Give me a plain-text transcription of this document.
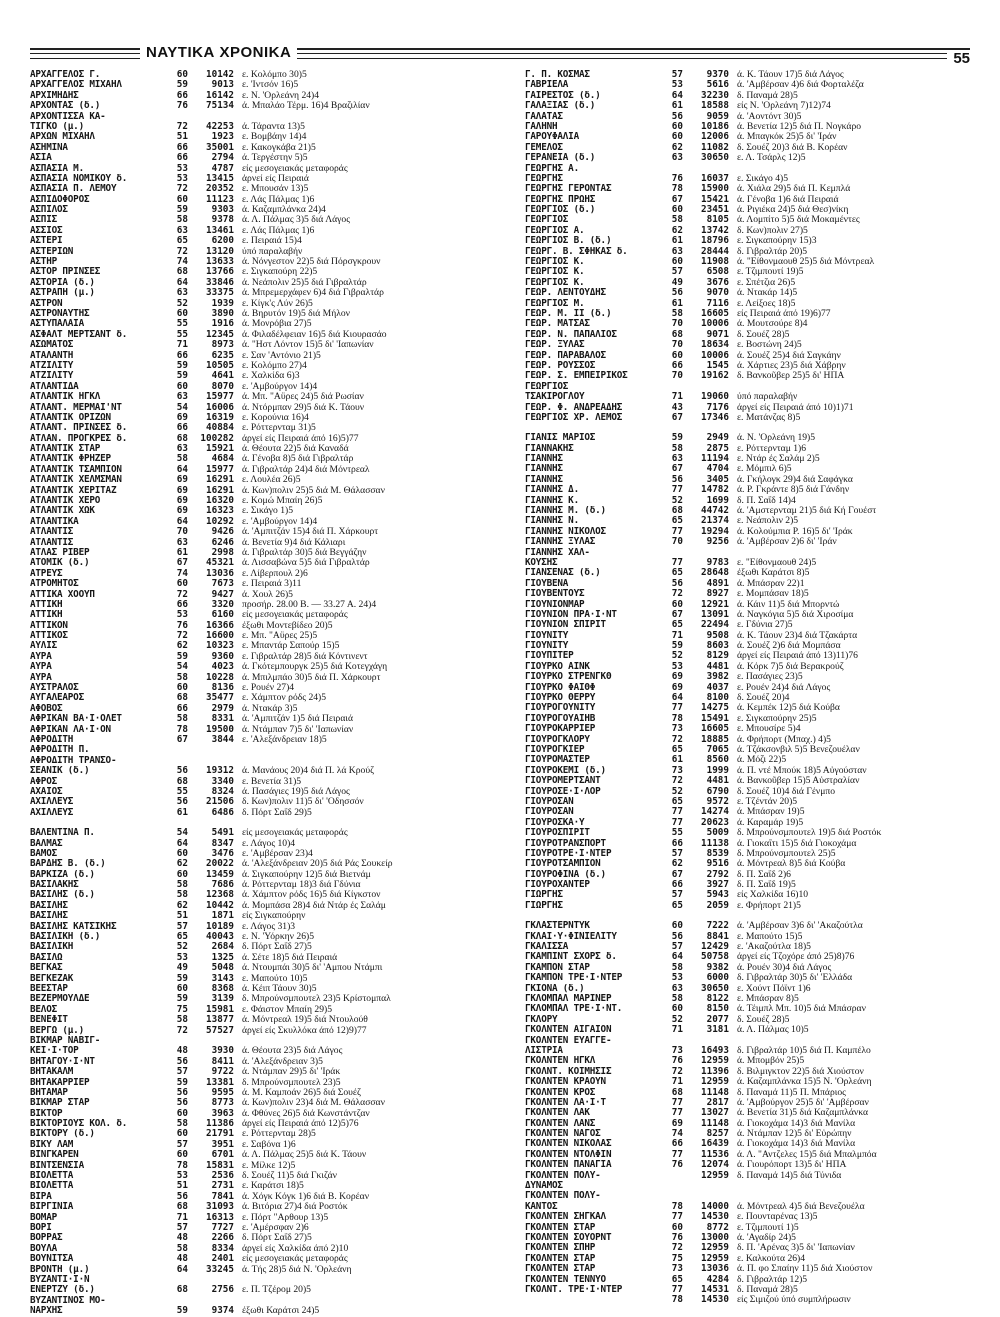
ΝΑΥΤΙΚΑ ΧΡΟΝΙΚΑ	55
ΑΡΧΑΓΓΕΛΟΣ Γ.	60	10142 ε. Κολόμπο 30)5
ΑΡΧΑΓΓΕΛΟΣ ΜΙΧΑΗΛ	59	9013 ε. 'Ιντσόν 16)5
ΑΡΧΙΜΗΔΗΣ	66	16142 ε. Ν. 'Ορλεάνη 24)4
ΑΡΧΟΝΤΑΣ (δ.)	76	75134 ά. Μπαλάο Τέρμ. 16)4 Βραζιλίαν
ΑΡΧΟΝΤΙΣΣΑ ΚΑ-
ΤΙΓΚΟ (μ.)	72	42253 ά. Τάραντα 13)5
ΑΡΧΩΝ ΜΙΧΑΗΛ	51	1923 ε. Βομβάην 14)4
ΑΣΗΜΙΝΑ	66	35001 ε. Κακογκάβα 21)5
ΑΣΙΑ	66	2794 ά. Τεργέστην 5)5
ΑΣΠΑΣΙΑ Μ.	53	4787 είς μεσογειακάς μεταφοράς
ΑΣΠΑΣΙΑ ΝΟΜΙΚΟΥ δ.	53	13415 ἀρνεί είς Πειραιά
ΑΣΠΑΣΙΑ Π. ΛΕΜΟΥ	72	20352 ε. Μπουσάν 13)5
ΑΣΠΙΔΟΦΟΡΟΣ	60	11123 ε. Λάς Πάλμας 1)6
ΑΣΠΙΛΟΣ	59	9303 ά. Καζαμπλάνκα 24)4
ΑΣΠΙΣ	58	9378 ά. Λ. Πάλμας 3)5 διά Λάγος
ΑΣΣΙΟΣ	63	13461 ε. Λάς Πάλμας 1)6
ΑΣΤΕΡΙ	65	6200 ε. Πειραιά 15)4
ΑΣΤΕΡΙΩΝ	72	13120 ύπό παραλαβήν
ΑΣΤΗΡ	74	13633 ά. Νόνγεστον 22)5 διά Πόρσγκρουν
ΑΣΤΟΡ ΠΡΙΝΣΕΣ	68	13766 ε. Σιγκαπούρη 22)5
ΑΣΤΟΡΙΑ (δ.)	64	33846 ά. Νεάπολιν 25)5 διά Γιβραλτάρ
ΑΣΤΡΑΠΗ (μ.)	63	33375 ά. Μπρεμερχάφεν 6)4 διά Γιβραλτάρ
ΑΣΤΡΟΝ	52	1939 ε. Κίγκ'ς Λύν 26)5
ΑΣΤΡΟΝΑΥΤΗΣ	60	3890 ά. Βηρυτόν 19)5 διά Μήλον
ΑΣΤΥΠΑΛΑΙΑ	55	1916 ά. Μονρόβια 27)5
ΑΣΦΑΛΤ ΜΕΡΤΣΑΝΤ δ.	55	12345 ά. Φιλαδέλφειαν 16)5 διά Κιουρασάο
ΑΣΩΜΑΤΟΣ	71	8973 ά. "Ηστ Λόντον 15)5 δι' 'Ιαπωνίαν
ΑΤΑΛΑΝΤΗ	66	6235 ε. Σαν 'Αντόνιο 21)5
ΑΤΖΙΛΙΤΥ	59	10505 ε. Κολόμπο 27)4
ΑΤΖΙΛΙΤΥ	59	4641 ε. Χαλκίδα 6)3
ΑΤΛΑΝΤΙΔΑ	60	8070 ε. 'Αμβούργον 14)4
ΑΤΛΑΝΤΙΚ ΗΓΚΛ	63	15977 ά. Μπ. "Αϋρες 24)5 διά Ρωσίαν
ΑΤΛΑΝΤ. ΜΕΡΜΑΙ'ΝΤ	54	16006 ά. Ντόρμπαν 29)5 διά Κ. Τάουν
ΑΤΛΑΝΤΙΚ ΟΡΙΖΩΝ	69	16319 ε. Κορούνια 16)4
ΑΤΛΑΝΤ. ΠΡΙΝΣΕΣ δ.	66	40884 ε. Ρόττερνταμ 31)5
ΑΤΛΑΝ. ΠΡΟΓΚΡΕΣ δ.	68	100282 άργεί είς Πειραιά άπό 16)5)77
ΑΤΛΑΝΤΙΚ ΣΤΑΡ	63	15921 ά. Θέουτα 22)5 διά Καναδά
ΑΤΛΑΝΤΙΚ ΦΡΗΖΕΡ	58	4684 ά. Γένοβα 8)5 διά Γιβραλτάρ
ΑΤΛΑΝΤΙΚ ΤΣΑΜΠΙΟΝ	64	15977 ά. Γιβραλτάρ 24)4 διά Μόντρεαλ
ΑΤΛΑΝΤΙΚ ΧΕΛΜΣΜΑΝ	69	16291 ε. Λουλέα 26)5
ΑΤΛΑΝΤΙΚ ΧΕΡΙΤΑΖ	69	16291 ά. Κων)πολιν 25)5 διά Μ. Θάλασσαν
ΑΤΛΑΝΤΙΚ ΧΕΡΟ	69	16320 ε. Κομώ Μπαίη 26)5
ΑΤΛΑΝΤΙΚ ΧΩΚ	69	16323 ε. Σικάγο 1)5
ΑΤΛΑΝΤΙΚΑ	64	10292 ε. 'Αμβούργον 14)4
ΑΤΛΑΝΤΙΣ	70	9426 ά. 'Αμπιτζάν 15)4 διά Π. Χάρκουρτ
ΑΤΛΑΝΤΙΣ	63	6246 ά. Βενετία 9)4 διά Κάλιαρι
ΑΤΛΑΣ ΡΙΒΕΡ	61	2998 ά. Γιβραλτάρ 30)5 διά Βεγγάζην
ΑΤΟΜΙΚ (δ.)	67	45321 ά. Λισσαβώνα 5)5 διά Γιβραλτάρ
ΑΤΡΕΥΣ	74	13036 ε. Λίβερπουλ 2)6
ΑΤΡΟΜΗΤΟΣ	60	7673 ε. Πειραιά 3)11
ΑΤΤΙΚΑ ΧΟΟΥΠ	72	9427 ά. Χουλ 26)5
ΑΤΤΙΚΗ	66	3320 προσήρ. 28.00 Β. — 33.27 Α. 24)4
ΑΤΤΙΚΗ	53	6160 είς μεσογειακάς μεταφοράς
ΑΤΤΙΚΟΝ	76	16366 έξωθι Μοντεβίδεο 20)5
ΑΤΤΙΚΟΣ	72	16600 ε. Μπ. "Αϋρες 25)5
ΑΥΛΙΣ	62	10323 ε. Μπαντάρ Σαπούρ 15)5
ΑΥΡΑ	59	9360 ε. Γιβραλτάρ 28)5 διά Κόντινεντ
ΑΥΡΑ	54	4023 ά. Γκότεμπουργκ 25)5 διά Κοτεγχάγη
ΑΥΡΑ	58	10228 ά. Μπιλμπάο 30)5 διά Π. Χάρκουρτ
ΑΥΣΤΡΑΛΟΣ	60	8136 ε. Ρουέν 27)4
ΑΥΓΑΛΕΑΡΟΣ	68	35477 ε. Χάμπτον ρόδς 24)5
ΑΦΟΒΟΣ	66	2979 ά. Ντακάρ 3)5
ΑΦΡΙΚΑΝ ΒΑ·Ι·ΟΛΕΤ	58	8331 ά. 'Αμπιτζάν 1)5 διά Πειραιά
ΑΦΡΙΚΑΝ ΛΑ·Ι·ΟΝ	78	19500 ά. Ντάμπαν 7)5 δι' 'Ιαπωνίαν
ΑΦΡΟΔΙΤΗ	67	3844 ε. 'Αλεξάνδρειαν 18)5
ΑΦΡΟΔΙΤΗ Π.
ΑΦΡΟΔΙΤΗ ΤΡΑΝΣΟ-
ΣΕΑΝΙΚ (δ.)	56	19312 ά. Μανάους 20)4 διά Π. λά Κρούζ
ΑΦΡΟΣ	68	3340 ε. Βενετία 31)5
ΑΧΑΙΟΣ	55	8324 ά. Πασάγιες 19)5 διά Λάγος
ΑΧΙΛΛΕΥΣ	56	21506 δ. Κων)πολιν 11)5 δι' 'Οδησσόν
ΑΧΙΛΛΕΥΣ	61	6486 δ. Πόρτ Σαΐδ 29)5
ΒΑΛΕΝΤΙΝΑ Π.	54	5491 είς μεσογειακάς μεταφοράς
ΒΑΛΜΑΣ	64	8347 ε. Λάγος 10)4
ΒΑΜΟΣ	60	3476 ε. 'Αμβέρσαν 23)4
ΒΑΡΔΗΣ Β. (δ.)	62	20022 ά. 'Αλεξάνδρειαν 20)5 διά Ράς Σουκείρ
ΒΑΡΚΙΖΑ (δ.)	60	13459 ά. Σιγκαπούρην 12)5 διά Βιετνάμ
ΒΑΣΙΛΑΚΗΣ	58	7686 ά. Ρόττερνταμ 18)3 διά Γδύνια
ΒΑΣΙΛΗΣ (δ.)	58	12368 ά. Χάμπτον ρόδς 16)5 διά Κίγκστον
ΒΑΣΙΛΗΣ	62	10442 ά. Μομπάσα 28)4 διά Ντάρ ές Σαλάμ
ΒΑΣΙΛΗΣ	51	1871 είς Σιγκαπούρην
ΒΑΣΙΛΗΣ ΚΑΤΣΙΚΗΣ	57	10189 ε. Λάγος 31)3
ΒΑΣΙΛΙΚΗ (δ.)	65	40043 ε. Ν. 'Υόρκην 26)5
ΒΑΣΙΛΙΚΗ	52	2684 δ. Πόρτ Σαΐδ 27)5
ΒΑΣΙΛΩ	53	1325 ά. Σέτε 18)5 διά Πειραιά
ΒΕΓΚΑΣ	49	5048 ά. Ντουμπάι 30)5 δι' 'Αμπου Ντάμπι
ΒΕΓΚΕΖΑΚ	59	3143 ε. Μαπούτο 10)5
ΒΕΕΣΤΑΡ	60	8368 ά. Κέιπ Τάουν 30)5
ΒΕΖΕΡΜΟΥΛΔΕ	59	3139 δ. Μπρούνσμπουτελ 23)5 Κρίστομπαλ
ΒΕΛΟΣ	75	15981 ε. Φάιστον Μπαίη 29)5
ΒΕΝΕΦΙΤ	58	13877 ά. Μόντρεαλ 19)5 διά Ντουλούθ
ΒΕΡΓΩ (μ.)	72	57527 άργεί είς Σκυλλόκα άπό 12)9)77
ΒΙΚΜΑΡ ΝΑΒΙΓ-
ΚΕΙ·Ι·ΤΟΡ	48	3930 ά. Θέουτα 23)5 διά Λάγος
ΒΗΤΑΓΟΥ·Ι·ΝΤ	56	8411 ά. 'Αλεξάνδρειαν 3)5
ΒΗΤΑΚΑΛΜ	57	9722 ά. Ντάμπαν 29)5 δι' 'Ιράκ
ΒΗΤΑΚΑΡΡΙΕΡ	59	13381 δ. Μπρούνσμπουτελ 23)5
ΒΗΤΑΜΑΡ	56	9595 ά. Μ. Καμποάν 26)5 διά Σουέζ
ΒΙΚΜΑΡ ΣΤΑΡ	56	8773 ά. Κων)πολιν 23)4 διά Μ. Θάλασσαν
ΒΙΚΤΟΡ	60	3963 ά. Φθύνες 26)5 διά Κωνστάντζαν
ΒΙΚΤΟΡΙΟΥΣ ΚΟΛ. δ.	58	11386 άργεί είς Πειραιά άπό 12)5)76
ΒΙΚΤΟΡΥ (δ.)	60	21791 ε. Ρόττερνταμ 28)5
ΒΙΚΥ ΛΑΜ	57	3951 ε. Σαβόνα 1)6
ΒΙΝΓΚΑΡΕΝ	60	6701 ά. Λ. Πάλμας 25)5 διά Κ. Τάουν
ΒΙΝΤΣΕΝΣΙΑ	78	15831 ε. Μίλκε 12)5
ΒΙΟΛΕΤΤΑ	53	2536 δ. Σουέζ 11)5 διά Γκιζάν
ΒΙΟΛΕΤΤΑ	51	2731 ε. Καράτσι 18)5
ΒΙΡΑ	56	7841 ά. Χόγκ Κόγκ 1)6 διά Β. Κορέαν
ΒΙΡΓΙΝΙΑ	68	31093 ά. Βιτόρια 27)4 διά Ροστόκ
ΒΟΜΑΡ	71	16313 ε. Πόρτ "Αρθουρ 13)5
ΒΟΡΙ	57	7727 ε. 'Αμέρσφαν 2)6
ΒΟΡΡΑΣ	48	2266 δ. Πόρτ Σαΐδ 27)5
ΒΟΥΛΑ	58	8334 άργεί είς Χαλκίδα άπό 2)10
ΒΟΥΝΙΤΣΑ	48	2401 είς μεσογειακάς μεταφοράς
ΒΡΟΝΤΗ (μ.)	64	33245 ά. Τής 28)5 διά Ν. 'Ορλεάνη
ΒΥΖΑΝΤΙ·Ι·Ν
ΕΝΕΡΤΖΥ (δ.)	68	2756 ε. Π. Τζέρομ 20)5
ΒΥΖΑΝΤΙΝΟΣ ΜΟ-
ΝΑΡΧΗΣ	59	9374 έξωθι Καράτσι 24)5
Γ. Π. ΚΟΣΜΑΣ	57	9370 ά. Κ. Τάουν 17)5 διά Λάγος
ΓΑΒΡΙΕΛΑ	53	5616 ά. 'Αμβέρσαν 4)6 διά Φορταλέζα
ΓΑΙΡΕΣΤΟΣ (δ.)	64	32230 δ. Παναμά 28)5
ΓΑΛΑΞΙΑΣ (δ.)	61	18588 είς Ν. 'Ορλεάνη 7)12)74
ΓΑΛΑΤΑΣ	56	9059 ά. 'Αοντόντ 30)5
ΓΑΛΗΝΗ	60	10186 ά. Βενετία 12)5 διά Π. Νογκάρο
ΓΑΡΟΥΦΑΛΙΑ	60	12006 ά. Μπαγκόκ 25)5 δι' 'Ιράν
ΓΕΜΕΛΟΣ	62	11082 δ. Σουέζ 20)3 διά Β. Κορέαν
ΓΕΡΑΝΕΙΑ (δ.)	63	30650 ε. Λ. Τσάρλς 12)5
ΓΕΩΡΓΗΣ Α.
ΓΕΩΡΓΗΣ	76	16037 ε. Σικάγο 4)5
ΓΕΩΡΓΗΣ ΓΕΡΟΝΤΑΣ	78	15900 ά. Χιάλα 29)5 διά Π. Κεμπλά
ΓΕΩΡΓΗΣ ΠΡΩΗΣ	67	15421 ά. Γένοβα 1)6 διά Πειραιά
ΓΕΩΡΓΙΟΣ (δ.)	60	23451 ά. Ριγιέκα 24)5 διά Θεσ)νίκη
ΓΕΩΡΓΙΟΣ	58	8105 ά. Λομπίτο 5)5 διά Μοκαμέντες
ΓΕΩΡΓΙΟΣ Α.	62	13742 δ. Κων)πολιν 27)5
ΓΕΩΡΓΙΟΣ Β. (δ.)	61	18796 ε. Σιγκαπούρην 15)3
ΓΕΩΡΓ. Β. ΣΦΗΚΑΣ δ.	63	28444 δ. Γιβραλτάρ 20)5
ΓΕΩΡΓΙΟΣ Κ.	60	11908 ά. "Είθονμαουθ 25)5 διά Μόντρεαλ
ΓΕΩΡΓΙΟΣ Κ.	57	6508 ε. Τζιμπουτί 19)5
ΓΕΩΡΓΙΟΣ Κ.	49	3676 ε. Σπέτζια 26)5
ΓΕΩΡ. ΛΕΝΤΟΥΔΗΣ	56	9070 ά. Ντακάρ 14)5
ΓΕΩΡΓΙΟΣ Μ.	61	7116 ε. Λείξοες 18)5
ΓΕΩΡ. Μ. ΙΙ (δ.)	58	16605 είς Πειραιά άπό 19)6)77
ΓΕΩΡ. ΜΑΤΣΑΣ	70	10006 ά. Μουτσούρε 8)4
ΓΕΩΡ. Ν. ΠΑΠΑΛΙΟΣ	68	9071 δ. Σουέζ 28)5
ΓΕΩΡ. ΞΥΛΑΣ	70	18634 ε. Βοστώνη 24)5
ΓΕΩΡ. ΠΑΡΑΒΑΛΟΣ	60	10006 ά. Σουέζ 25)4 διά Σαγκάην
ΓΕΩΡ. ΡΟΥΣΣΟΣ	66	1545 ά. Χάρτιες 23)5 διά Χάβρην
ΓΕΩΡ. Σ. ΕΜΠΕΙΡΙΚΟΣ	70	19162 δ. Βανκοῦβερ 25)5 δι' ΗΠΑ
ΓΕΩΡΓΙΟΣ
ΤΣΑΚΙΡΟΓΛΟΥ	71	19060 ύπό παραλαβήν
ΓΕΩΡ. Φ. ΑΝΔΡΕΑΔΗΣ	43	7176 άργεί είς Πειραιά άπό 10)1)71
ΓΕΩΡΓΙΟΣ ΧΡ. ΛΕΜΟΣ	67	17346 ε. Ματάνζας 8)5
ΓΙΑΝΙΣ ΜΑΡΙΟΣ	59	2949 ά. Ν. 'Ορλεάνη 19)5
ΓΙΑΝΝΑΚΗΣ	58	2875 ε. Ρόττερνταμ 1)6
ΓΙΑΝΝΗΣ	63	11194 ε. Ντάρ ές Σαλάμ 2)5
ΓΙΑΝΝΗΣ	67	4704 ε. Μόμπιλ 6)5
ΓΙΑΝΝΗΣ	56	3405 ά. Γκήλογκ 29)4 διά Σαφάγκα
ΓΙΑΝΝΗΣ Δ.	77	14782 ά. Ρ. Γκράντε 8)5 διά Γάνδην
ΓΙΑΝΝΗΣ Κ.	52	1699 δ. Π. Σαΐδ 14)4
ΓΙΑΝΝΗΣ Μ. (δ.)	68	44742 ά. 'Αμστερνταμ 21)5 διά Κή Γουέστ
ΓΙΑΝΝΗΣ Ν.	65	21374 ε. Νεάπολιν 2)5
ΓΙΑΝΝΗΣ ΝΙΚΟΛΟΣ	77	19294 ά. Κολούμπια Ρ. 16)5 δι' 'Ιράκ
ΓΙΑΝΝΗΣ ΞΥΛΑΣ	70	9256 ά. 'Αμβέρσαν 2)6 δι' 'Ιράν
ΓΙΑΝΝΗΣ ΧΑΛ-
ΚΟΥΣΗΣ	77	9783 ε. "Είθονμαουθ 24)5
ΓΙΑΝΣΕΝΑΣ (δ.)	65	28648 έξωθι Καράτσι 8)5
ΓΙΟΥΒΕΝΑ	56	4891 ά. Μπάσραν 22)1
ΓΙΟΥΒΕΝΤΟΥΣ	72	8927 ε. Μομπάσαν 18)5
ΓΙΟΥΝΙΟΝΜΑΡ	60	12921 ά. Κάιν 11)5 διά Μπορντώ
ΓΙΟΥΝΙΟΝ ΠΡΑ·Ι·ΝΤ	67	13091 ά. Ναγκόγια 5)5 διά Χιροσίμα
ΓΙΟΥΝΙΟΝ ΣΠΙΡΙΤ	65	22494 ε. Γδύνια 27)5
ΓΙΟΥΝΙΤΥ	71	9508 ά. Κ. Τάουν 23)4 διά Τζακάρτα
ΓΙΟΥΝΙΤΥ	59	8603 ά. Σουέζ 2)6 διά Μομπάσα
ΓΙΟΥΠΙΤΕΡ	52	8129 άργεί είς Πειραιά άπό 13)11)76
ΓΙΟΥΡΚΟ ΑΙΝΚ	53	4481 ά. Κόρκ 7)5 διά Βερακρούζ
ΓΙΟΥΡΚΟ ΣΤΡΕΝΓΚΘ	69	3982 ε. Πασάγιες 23)5
ΓΙΟΥΡΚΟ ΦΑΙΘΦ	69	4037 ε. Ρουέν 24)4 διά Λάγος
ΓΙΟΥΡΚΟ ΘΕΡΡΥ	64	8100 δ. Σουέζ 20)4
ΓΙΟΥΡΟΓΟΥΝΙΤΥ	77	14275 ά. Κεμπέκ 12)5 διά Κούβα
ΓΙΟΥΡΟΓΟΥΑΙΗΒ	78	15491 ε. Σιγκαπούρην 25)5
ΓΙΟΥΡΟΚΑΡΡΙΕΡ	73	16605 ε. Μπουσίρε 5)4
ΓΙΟΥΡΟΓΚΛΟΡΥ	72	18885 ά. Φρήπορτ (Μπαχ.) 4)5
ΓΙΟΥΡΟΓΚΙΕΡ	65	7065 ά. Τζάκσονβιλ 5)5 Βενεζουέλαν
ΓΙΟΥΡΟΜΑΣΤΕΡ	61	8560 ά. Μόζι 22)5
ΓΙΟΥΡΟΚΕΜΙ (δ.)	73	1999 ά. Π. ντέ Μπούκ 18)5 Αὐγούσταν
ΓΙΟΥΡΟΜΕΡΤΣΑΝΤ	72	4481 ά. Βανκοῦβερ 15)5 Αὐστραλίαν
ΓΙΟΥΡΟΣΕ·Ι·ΛΟΡ	52	6790 δ. Σουέζ 10)4 διά Γένμπο
ΓΙΟΥΡΟΣΑΝ	65	9572 ε. Τζέντάν 20)5
ΓΙΟΥΡΟΣΑΝ	77	14274 ά. Μπάσραν 19)5
ΓΙΟΥΡΟΣΚΑ·Υ	77	20623 ά. Καραμάρ 19)5
ΓΙΟΥΡΟΣΠΙΡΙΤ	55	5009 δ. Μπρούνσμπουτελ 19)5 διά Ροστόκ
ΓΙΟΥΡΟΤΡΑΝΣΠΟΡΤ	66	11138 ά. Γιοκαΐτι 15)5 διά Γιοκοχάμα
ΓΙΟΥΡΟΤΡΕ·Ι·ΝΤΕΡ	57	8539 δ. Μπρούνσμπουτελ 25)5
ΓΙΟΥΡΟΤΣΑΜΠΙΟΝ	62	9516 ά. Μόντρεαλ 8)5 διά Κούβα
ΓΙΟΥΡΟΦΙΝΑ (δ.)	67	2792 δ. Π. Σαΐδ 2)6
ΓΙΟΥΡΟΧΑΝΤΕΡ	66	3927 δ. Π. Σαΐδ 19)5
ΓΙΩΡΓΗΣ	57	5943 είς Χαλκίδα 16)10
ΓΙΩΡΓΗΣ	65	2059 ε. Φρήπορτ 21)5
ΓΚΛΑΣΤΕΡΝΤΥΚ	60	7222 ά. 'Αμβέρσαν 3)6 δι' 'Ακαζούτλα
ΓΚΛΑΙ·Υ·ΦΙΝΙΕΛΙΤΥ	56	8841 ε. Μαπούτο 15)5
ΓΚΑΛΙΣΣΑ	57	12429 ε. 'Ακαζούτλα 18)5
ΓΚΑΜΠΙΝΤ ΣΧΟΡΣ δ.	64	50758 άργεί είς Τζοχόρε άπό 25)8)76
ΓΚΑΜΠΟΝ ΣΤΑΡ	58	9382 ά. Ρουέν 30)4 διά Λάγος
ΓΚΑΜΠΟΝ ΤΡΕ·Ι·ΝΤΕΡ	53	6000 δ. Γιβραλτάρ 30)5 δι' 'Ελλάδα
ΓΚΙΟΝΑ (δ.)	63	30650 ε. Χούντ Πόϊντ 1)6
ΓΚΛΟΜΠΑΛ ΜΑΡΙΝΕΡ	58	8122 ε. Μπάσραν 8)5
ΓΚΛΟΜΠΑΛ ΤΡΕ·Ι·ΝΤ.	60	8150 ά. Τέιμπλ Μπ. 10)5 διά Μπάσραν
ΓΚΛΟΡΥ	52	2077 δ. Σουέζ 28)5
ΓΚΟΛΝΤΕΝ ΑΙΓΑΙΟΝ	71	3181 ά. Λ. Πάλμας 10)5
ΓΚΟΛΝΤΕΝ ΕΥΑΓΓΕ-
ΛΙΣΤΡΙΑ	73	16493 δ. Γιβραλτάρ 10)5 διά Π. Καμπέλο
ΓΚΟΛΝΤΕΝ ΗΓΚΛ	76	12959 ά. Μπομβόν 25)5
ΓΚΟΛΝΤ. ΚΟΙΜΗΣΙΣ	72	11396 δ. Βιλμιγκτον 22)5 διά Χιούστον
ΓΚΟΛΝΤΕΝ ΚΡΑΟΥΝ	71	12959 ά. Καζαμπλάνκα 15)5 Ν. 'Ορλεάνη
ΓΚΟΛΝΤΕΝ ΚΡΟΣ	68	11148 δ. Παναμά 11)5 Π. Μπάριος
ΓΚΟΛΝΤΕΝ ΛΑ·Ι·Τ	77	2817 ά. 'Αμβούργον 25)5 δι' 'Αμβέρσαν
ΓΚΟΛΝΤΕΝ ΛΑΚ	77	13027 ά. Βενετία 31)5 διά Καζαμπλάνκα
ΓΚΟΛΝΤΕΝ ΛΑΝΣ	69	11148 ά. Γιοκοχάμα 14)3 διά Μανίλα
ΓΚΟΛΝΤΕΝ ΝΑΓΟΣ	74	8257 ά. Ντάμπαν 12)5 δι' Εὐρώπην
ΓΚΟΛΝΤΕΝ ΝΙΚΟΛΑΣ	66	16439 ά. Γιοκοχάμα 14)3 διά Μανίλα
ΓΚΟΛΝΤΕΝ ΝΤΟΛΦΙΝ	77	11536 ά. Λ. "Αντζελες 15)5 διά Μπαλμπόα
ΓΚΟΛΝΤΕΝ ΠΑΝΑΓΙΑ	76	12074 ά. Γιουρόπορτ 13)5 δι' ΗΠΑ
ΓΚΟΛΝΤΕΝ ΠΟΛΥ-	12959 δ. Παναμά 14)5 διά Τύνιδα
ΔΥΝΑΜΟΣ
ΓΚΟΛΝΤΕΝ ΠΟΛΥ-
ΚΑΝΤΟΣ	78	14000 ά. Μόντρεαλ 4)5 διά Βενεζουέλα
ΓΚΟΛΝΤΕΝ ΣΗΓΚΑΛ	77	14530 ε. Πουνταρένας 13)5
ΓΚΟΛΝΤΕΝ ΣΤΑΡ	60	8772 ε. Τζιμπουτί 1)5
ΓΚΟΛΝΤΕΝ ΣΟΥΟΡΝΤ	76	13000 ά. 'Αγαδίρ 24)5
ΓΚΟΛΝΤΕΝ ΣΠΗΡ	72	12959 δ. Π. 'Αρένας 3)5 δι' 'Ιαπωνίαν
ΓΚΟΛΝΤΕΝ ΣΤΑΡ	75	12959 ε. Καλκούτα 26)4
ΓΚΟΛΝΤΕΝ ΣΤΑΡ	73	13036 ά. Π. φο Σπαίην 11)5 διά Χιούστον
ΓΚΟΛΝΤΕΝ ΤΕΝΝΥΟ	65	4284 δ. Γιβραλτάρ 12)5
ΓΚΟΛΝΤ. ΤΡΕ·Ι·ΝΤΕΡ	77	14531 δ. Παναμά 28)5
78	14530 είς Σιμιζού ύπό συμπλήρωσιν
